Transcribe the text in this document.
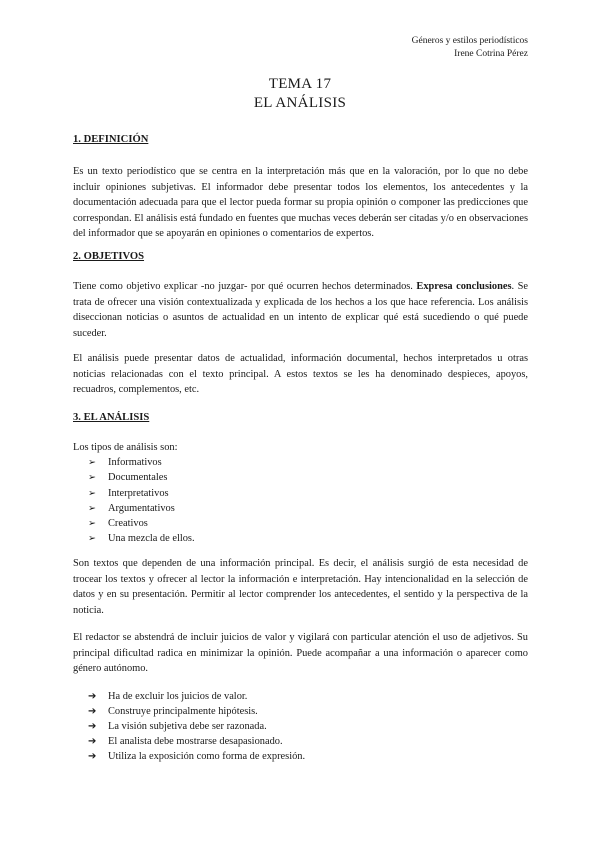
Géneros y estilos periodísticos
Irene Cotrina Pérez
TEMA 17
EL ANÁLISIS
1. DEFINICIÓN

Es un texto periodístico que se centra en la interpretación más que en la valoración, por lo que no debe incluir opiniones subjetivas. El informador debe presentar todos los elementos, los antecedentes y la documentación adecuada para que el lector pueda formar su propia opinión o componer las predicciones que correspondan. El análisis está fundado en fuentes que muchas veces deberán ser citadas y/o en observaciones del informador que se apoyarán en opiniones o comentarios de expertos.

2. OBJETIVOS

Tiene como objetivo explicar -no juzgar- por qué ocurren hechos determinados. Expresa conclusiones. Se trata de ofrecer una visión contextualizada y explicada de los hechos a los que hace referencia. Los análisis diseccionan noticias o asuntos de actualidad en un intento de explicar qué está sucediendo o qué puede suceder.

El análisis puede presentar datos de actualidad, información documental, hechos interpretados u otras noticias relacionadas con el texto principal. A estos textos se les ha denominado despieces, apoyos, recuadros, complementos, etc.

3. EL ANÁLISIS

Los tipos de análisis son:

➢	Informativos
➢	Documentales
➢	Interpretativos
➢	Argumentativos
➢	Creativos
➢	Una mezcla de ellos.

Son textos que dependen de una información principal. Es decir, el análisis surgió de esta necesidad de trocear los textos y ofrecer al lector la información e interpretación. Hay intencionalidad en la selección de datos y en su presentación. Permitir al lector comprender los antecedentes, el sentido y la perspectiva de la noticia.

El redactor se abstendrá de incluir juicios de valor y vigilará con particular atención el uso de adjetivos. Su principal dificultad radica en minimizar la opinión. Puede acompañar a una información o aparecer como género autónomo.

➔	Ha de excluir los juicios de valor.
➔	Construye principalmente hipótesis.
➔	La visión subjetiva debe ser razonada.
➔	El analista debe mostrarse desapasionado.
➔	Utiliza la exposición como forma de expresión.
